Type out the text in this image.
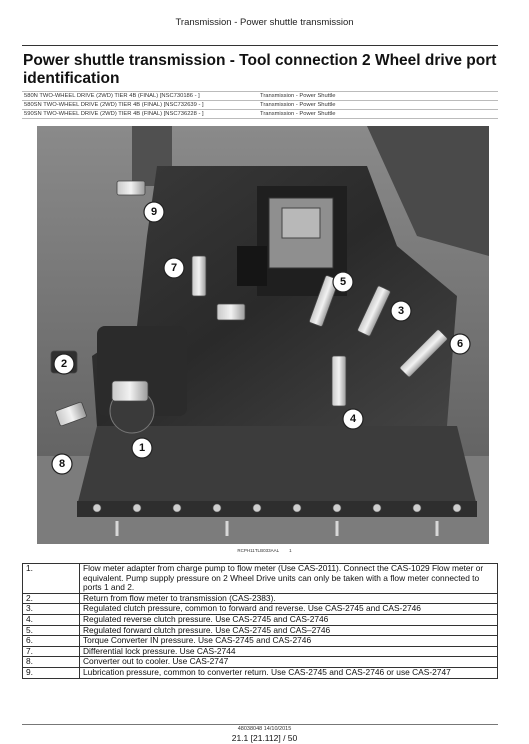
Transmission - Power shuttle transmission
Power shuttle transmission - Tool connection 2 Wheel drive port identification
580N TWO-WHEEL DRIVE (2WD) TIER 4B (FINAL) [NSC730186 - ]	Transmission - Power Shuttle
580SN TWO-WHEEL DRIVE (2WD) TIER 4B (FINAL) [NSC732639 - ]	Transmission - Power Shuttle
590SN TWO-WHEEL DRIVE (2WD) TIER 4B (FINAL) [NSC736228 - ]	Transmission - Power Shuttle
1
2
3
4
5
6
7
8
9
RCPH11TLB033AAL 1
1.	Flow meter adapter from charge pump to flow meter (Use CAS-2011). Connect the CAS-1029 Flow meter or equivalent. Pump supply pressure on 2 Wheel Drive units can only be taken with a flow meter connected to ports 1 and 2.
2.	Return from flow meter to transmission (CAS-2383).
3.	Regulated clutch pressure, common to forward and reverse. Use CAS-2745 and CAS-2746
4.	Regulated reverse clutch pressure. Use CAS-2745 and CAS-2746
5.	Regulated forward clutch pressure. Use CAS-2745 and CAS–2746
6.	Torque Converter IN pressure. Use CAS-2745 and CAS-2746
7.	Differential lock pressure. Use CAS-2744
8.	Converter out to cooler. Use CAS-2747
9.	Lubrication pressure, common to converter return. Use CAS-2745 and CAS-2746 or use CAS-2747
48038048 14/10/2015
21.1 [21.112] / 50
